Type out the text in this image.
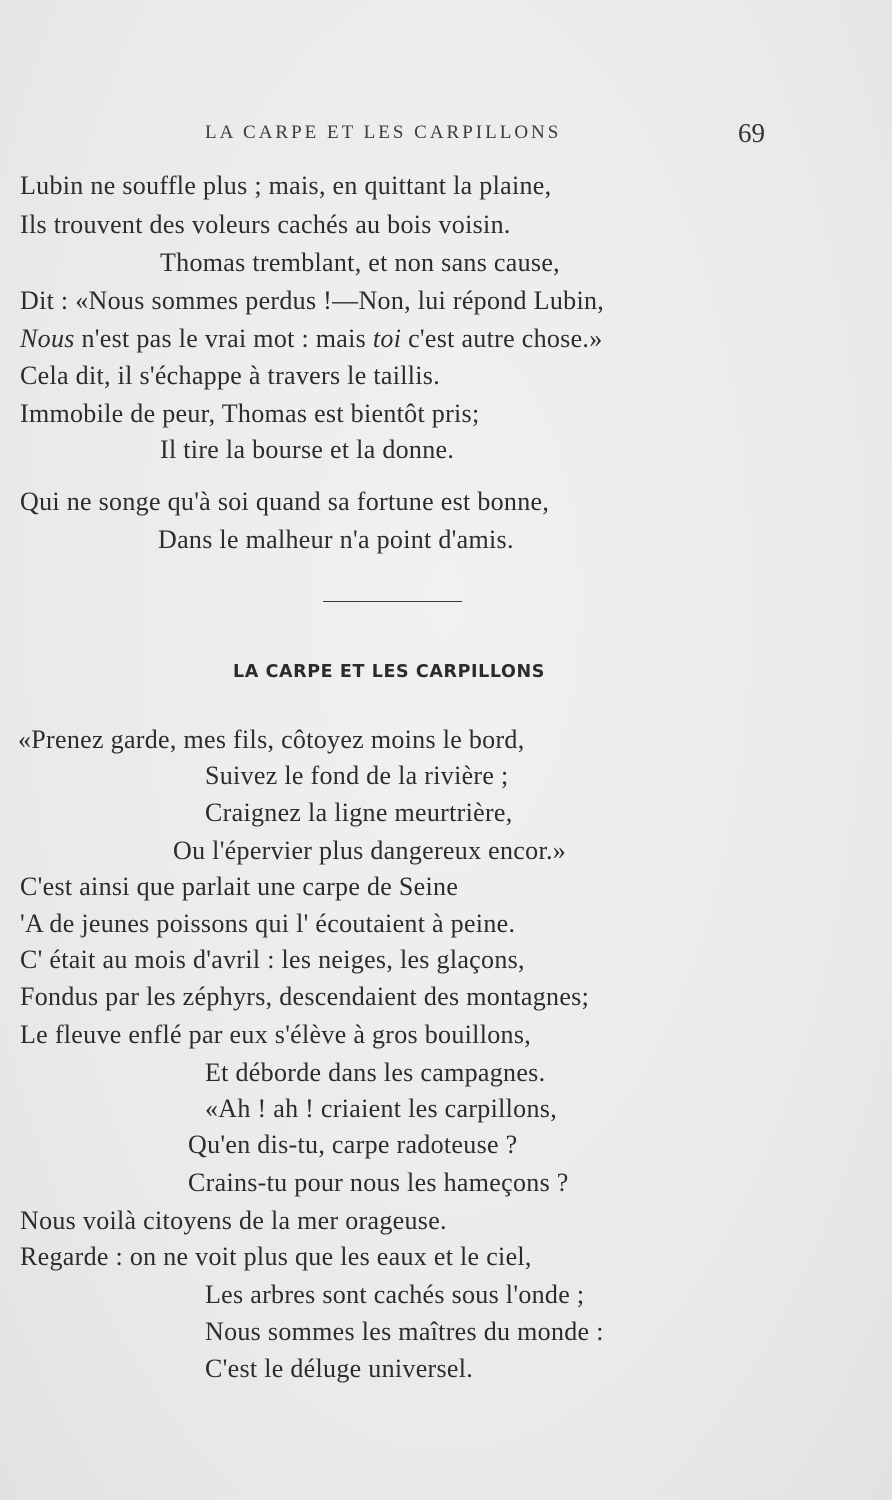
LA CARPE ET LES CARPILLONS	69
Lubin ne souffle plus ; mais, en quittant la plaine,
Ils trouvent des voleurs cachés au bois voisin.
Thomas tremblant, et non sans cause,
Dit : «Nous sommes perdus !—Non, lui répond Lubin,
Nous n'est pas le vrai mot : mais toi c'est autre chose.»
Cela dit, il s'échappe à travers le taillis.
Immobile de peur, Thomas est bientôt pris;
Il tire la bourse et la donne.
Qui ne songe qu'à soi quand sa fortune est bonne,
Dans le malheur n'a point d'amis.
LA CARPE ET LES CARPILLONS
«Prenez garde, mes fils, côtoyez moins le bord,
Suivez le fond de la rivière ;
Craignez la ligne meurtrière,
Ou l'épervier plus dangereux encor.»
C'est ainsi que parlait une carpe de Seine
'A de jeunes poissons qui l' écoutaient à peine.
C' était au mois d'avril : les neiges, les glaçons,
Fondus par les zéphyrs, descendaient des montagnes;
Le fleuve enflé par eux s'élève à gros bouillons,
Et déborde dans les campagnes.
«Ah ! ah ! criaient les carpillons,
Qu'en dis-tu, carpe radoteuse ?
Crains-tu pour nous les hameçons ?
Nous voilà citoyens de la mer orageuse.
Regarde : on ne voit plus que les eaux et le ciel,
Les arbres sont cachés sous l'onde ;
Nous sommes les maîtres du monde :
C'est le déluge universel.
